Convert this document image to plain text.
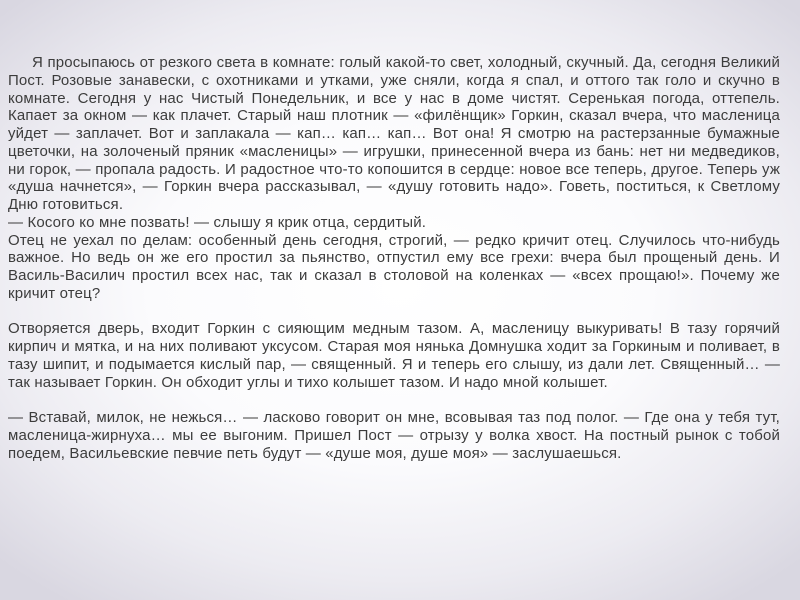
Я просыпаюсь от резкого света в комнате: голый какой-то свет, холодный, скучный. Да, сегодня Великий Пост. Розовые занавески, с охотниками и утками, уже сняли, когда я спал, и оттого так голо и скучно в комнате. Сегодня у нас Чистый Понедельник, и все у нас в доме чистят. Серенькая погода, оттепель. Капает за окном — как плачет. Старый наш плотник — «филёнщик» Горкин, сказал вчера, что масленица уйдет — заплачет. Вот и заплакала — кап… кап… кап… Вот она! Я смотрю на растерзанные бумажные цветочки, на золоченый пряник «масленицы» — игрушки, принесенной вчера из бань: нет ни медведиков, ни горок, — пропала радость. И радостное что-то копошится в сердце: новое все теперь, другое. Теперь уж «душа начнется», — Горкин вчера рассказывал, — «душу готовить надо». Говеть, поститься, к Светлому Дню готовиться.

— Косого ко мне позвать! — слышу я крик отца, сердитый.

Отец не уехал по делам: особенный день сегодня, строгий, — редко кричит отец. Случилось что-нибудь важное. Но ведь он же его простил за пьянство, отпустил ему все грехи: вчера был прощеный день. И Василь-Василич простил всех нас, так и сказал в столовой на коленках — «всех прощаю!». Почему же кричит отец?

Отворяется дверь, входит Горкин с сияющим медным тазом. А, масленицу выкуривать! В тазу горячий кирпич и мятка, и на них поливают уксусом. Старая моя нянька Домнушка ходит за Горкиным и поливает, в тазу шипит, и подымается кислый пар, — священный. Я и теперь его слышу, из дали лет. Священный… — так называет Горкин. Он обходит углы и тихо колышет тазом. И надо мной колышет.

— Вставай, милок, не нежься… — ласково говорит он мне, всовывая таз под полог. — Где она у тебя тут, масленица-жирнуха… мы ее выгоним. Пришел Пост — отрызу у волка хвост. На постный рынок с тобой поедем, Васильевские певчие петь будут — «душе моя, душе моя» — заслушаешься.
